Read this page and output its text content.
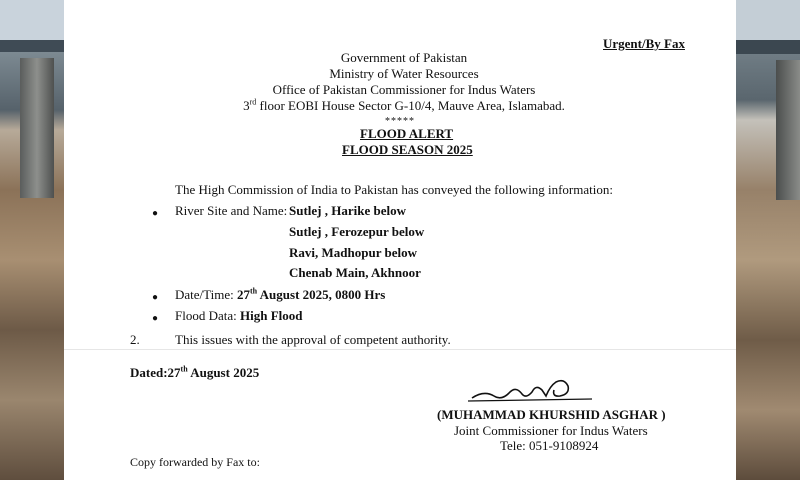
Urgent/By Fax
Government of Pakistan
Ministry of Water Resources
Office of Pakistan Commissioner for Indus Waters
3rd floor EOBI House Sector G-10/4, Mauve Area, Islamabad.
*****
FLOOD ALERT
FLOOD SEASON 2025
The High Commission of India to Pakistan has conveyed the following information:
● River Site and Name: Sutlej , Harike below
Sutlej , Ferozepur below
Ravi, Madhopur below
Chenab Main, Akhnoor
● Date/Time: 27th August 2025, 0800 Hrs
● Flood Data: High Flood
2.	This issues with the approval of competent authority.
Dated:27th August 2025
(MUHAMMAD KHURSHID ASGHAR )
Joint Commissioner for Indus Waters
Tele: 051-9108924
Copy forwarded by Fax to:
